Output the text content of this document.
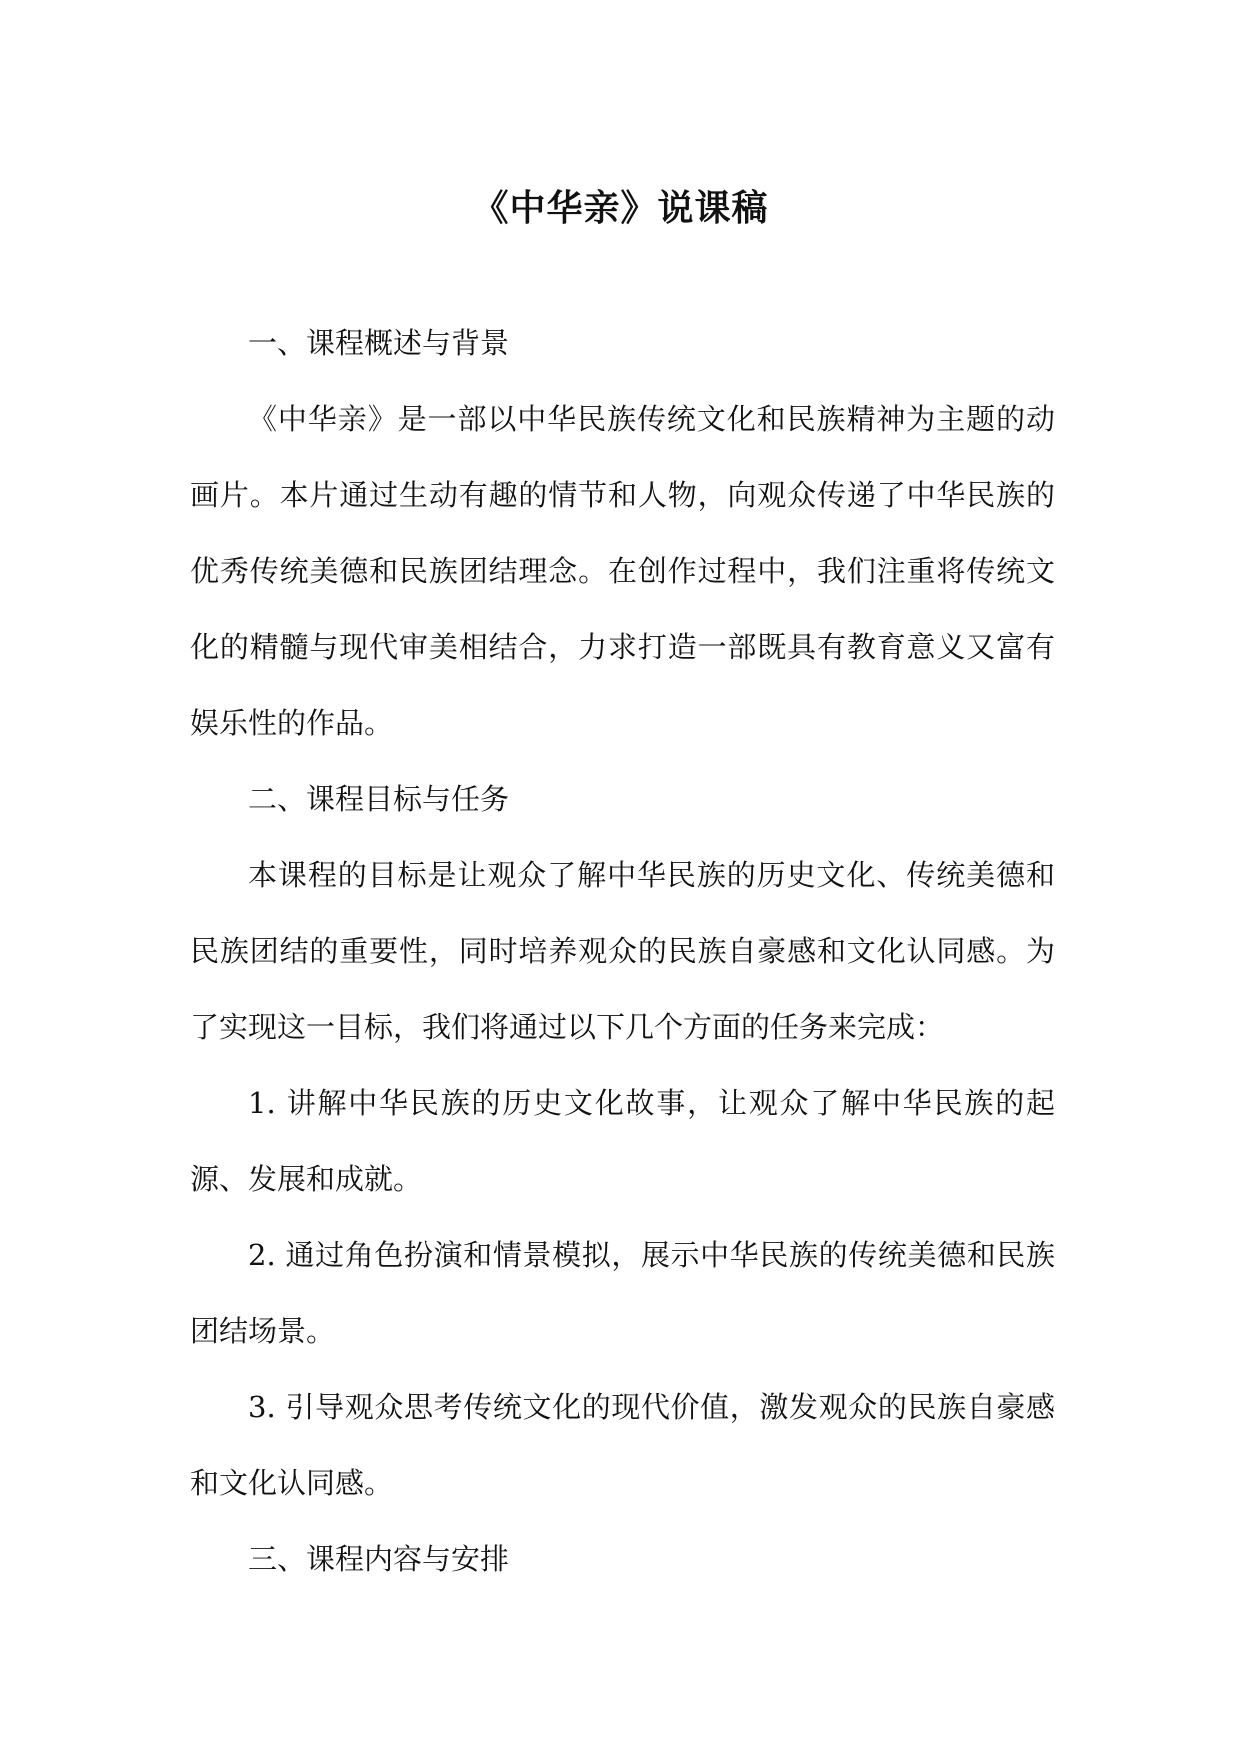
《中华亲》说课稿

一、课程概述与背景

《中华亲》是一部以中华民族传统文化和民族精神为主题的动画片。本片通过生动有趣的情节和人物，向观众传递了中华民族的优秀传统美德和民族团结理念。在创作过程中，我们注重将传统文化的精髓与现代审美相结合，力求打造一部既具有教育意义又富有娱乐性的作品。

二、课程目标与任务

本课程的目标是让观众了解中华民族的历史文化、传统美德和民族团结的重要性，同时培养观众的民族自豪感和文化认同感。为了实现这一目标，我们将通过以下几个方面的任务来完成：

1. 讲解中华民族的历史文化故事，让观众了解中华民族的起源、发展和成就。

2. 通过角色扮演和情景模拟，展示中华民族的传统美德和民族团结场景。

3. 引导观众思考传统文化的现代价值，激发观众的民族自豪感和文化认同感。

三、课程内容与安排
